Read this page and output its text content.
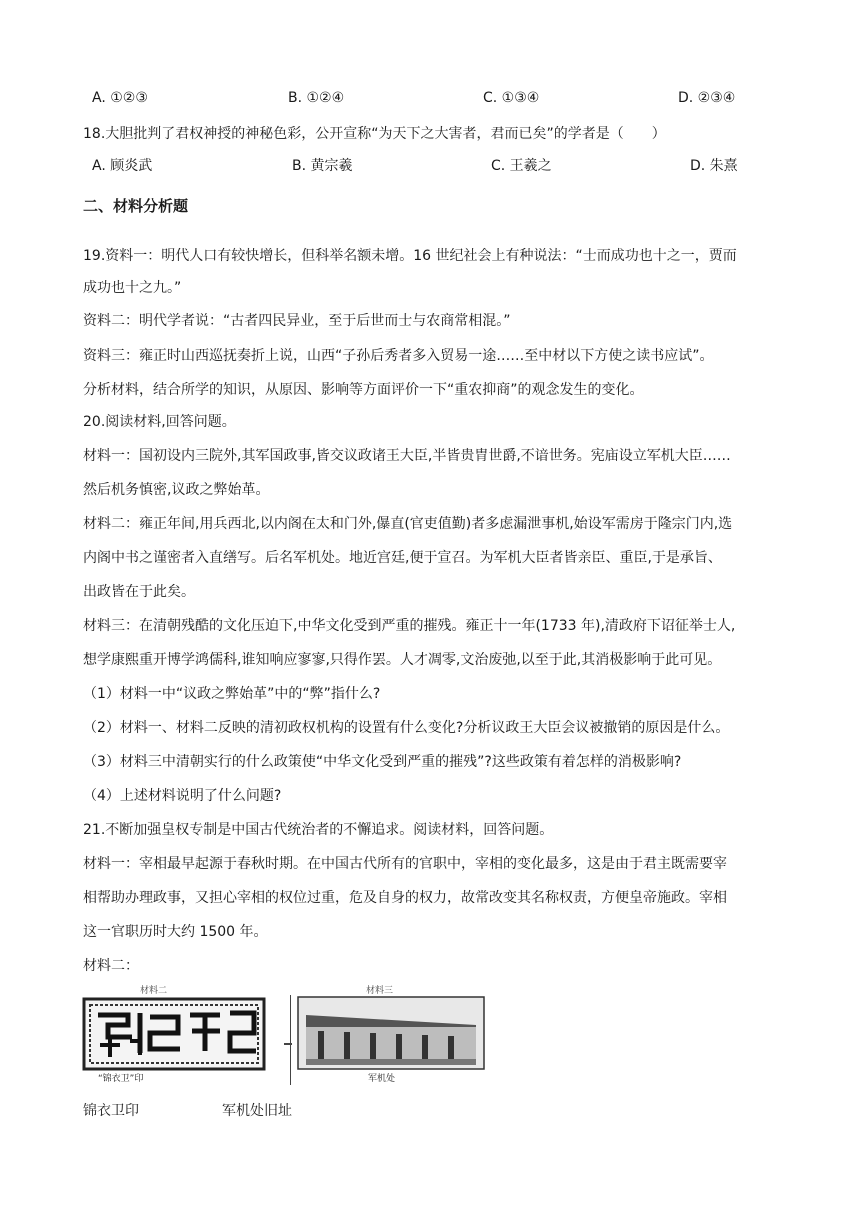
A. ①②③	B. ①②④	C. ①③④	D. ②③④
18.大胆批判了君权神授的神秘色彩，公开宣称“为天下之大害者，君而已矣”的学者是（　　）
A. 顾炎武	B. 黄宗羲	C. 王羲之	D. 朱熹
二、材料分析题
19.资料一：明代人口有较快增长，但科举名额未增。16 世纪社会上有种说法：“士而成功也十之一，贾而
成功也十之九。”
资料二：明代学者说：“古者四民异业，至于后世而士与农商常相混。”
资料三：雍正时山西巡抚奏折上说，山西“子孙后秀者多入贸易一途……至中材以下方使之读书应试”。
分析材料，结合所学的知识，从原因、影响等方面评价一下“重农抑商”的观念发生的变化。
20.阅读材料,回答问题。
材料一：国初设内三院外,其军国政事,皆交议政诸王大臣,半皆贵胄世爵,不谙世务。宪庙设立军机大臣……
然后机务慎密,议政之弊始革。
材料二：雍正年间,用兵西北,以内阁在太和门外,儤直(官吏值勤)者多虑漏泄事机,始设军需房于隆宗门内,选
内阁中书之谨密者入直缮写。后名军机处。地近宫廷,便于宣召。为军机大臣者皆亲臣、重臣,于是承旨、
出政皆在于此矣。
材料三：在清朝残酷的文化压迫下,中华文化受到严重的摧残。雍正十一年(1733 年),清政府下诏征举士人,
想学康熙重开博学鸿儒科,谁知响应寥寥,只得作罢。人才凋零,文治废弛,以至于此,其消极影响于此可见。
（1）材料一中“议政之弊始革”中的“弊”指什么?
（2）材料一、材料二反映的清初政权机构的设置有什么变化?分析议政王大臣会议被撤销的原因是什么。
（3）材料三中清朝实行的什么政策使“中华文化受到严重的摧残”?这些政策有着怎样的消极影响?
（4）上述材料说明了什么问题?
21.不断加强皇权专制是中国古代统治者的不懈追求。阅读材料，回答问题。
材料一：宰相最早起源于春秋时期。在中国古代所有的官职中，宰相的变化最多，这是由于君主既需要宰
相帮助办理政事，又担心宰相的权位过重，危及自身的权力，故常改变其名称权责，方便皇帝施政。宰相
这一官职历时大约 1500 年。
材料二：
材料二
“锦衣卫”印
材料三
军机处
锦衣卫印	军机处旧址
